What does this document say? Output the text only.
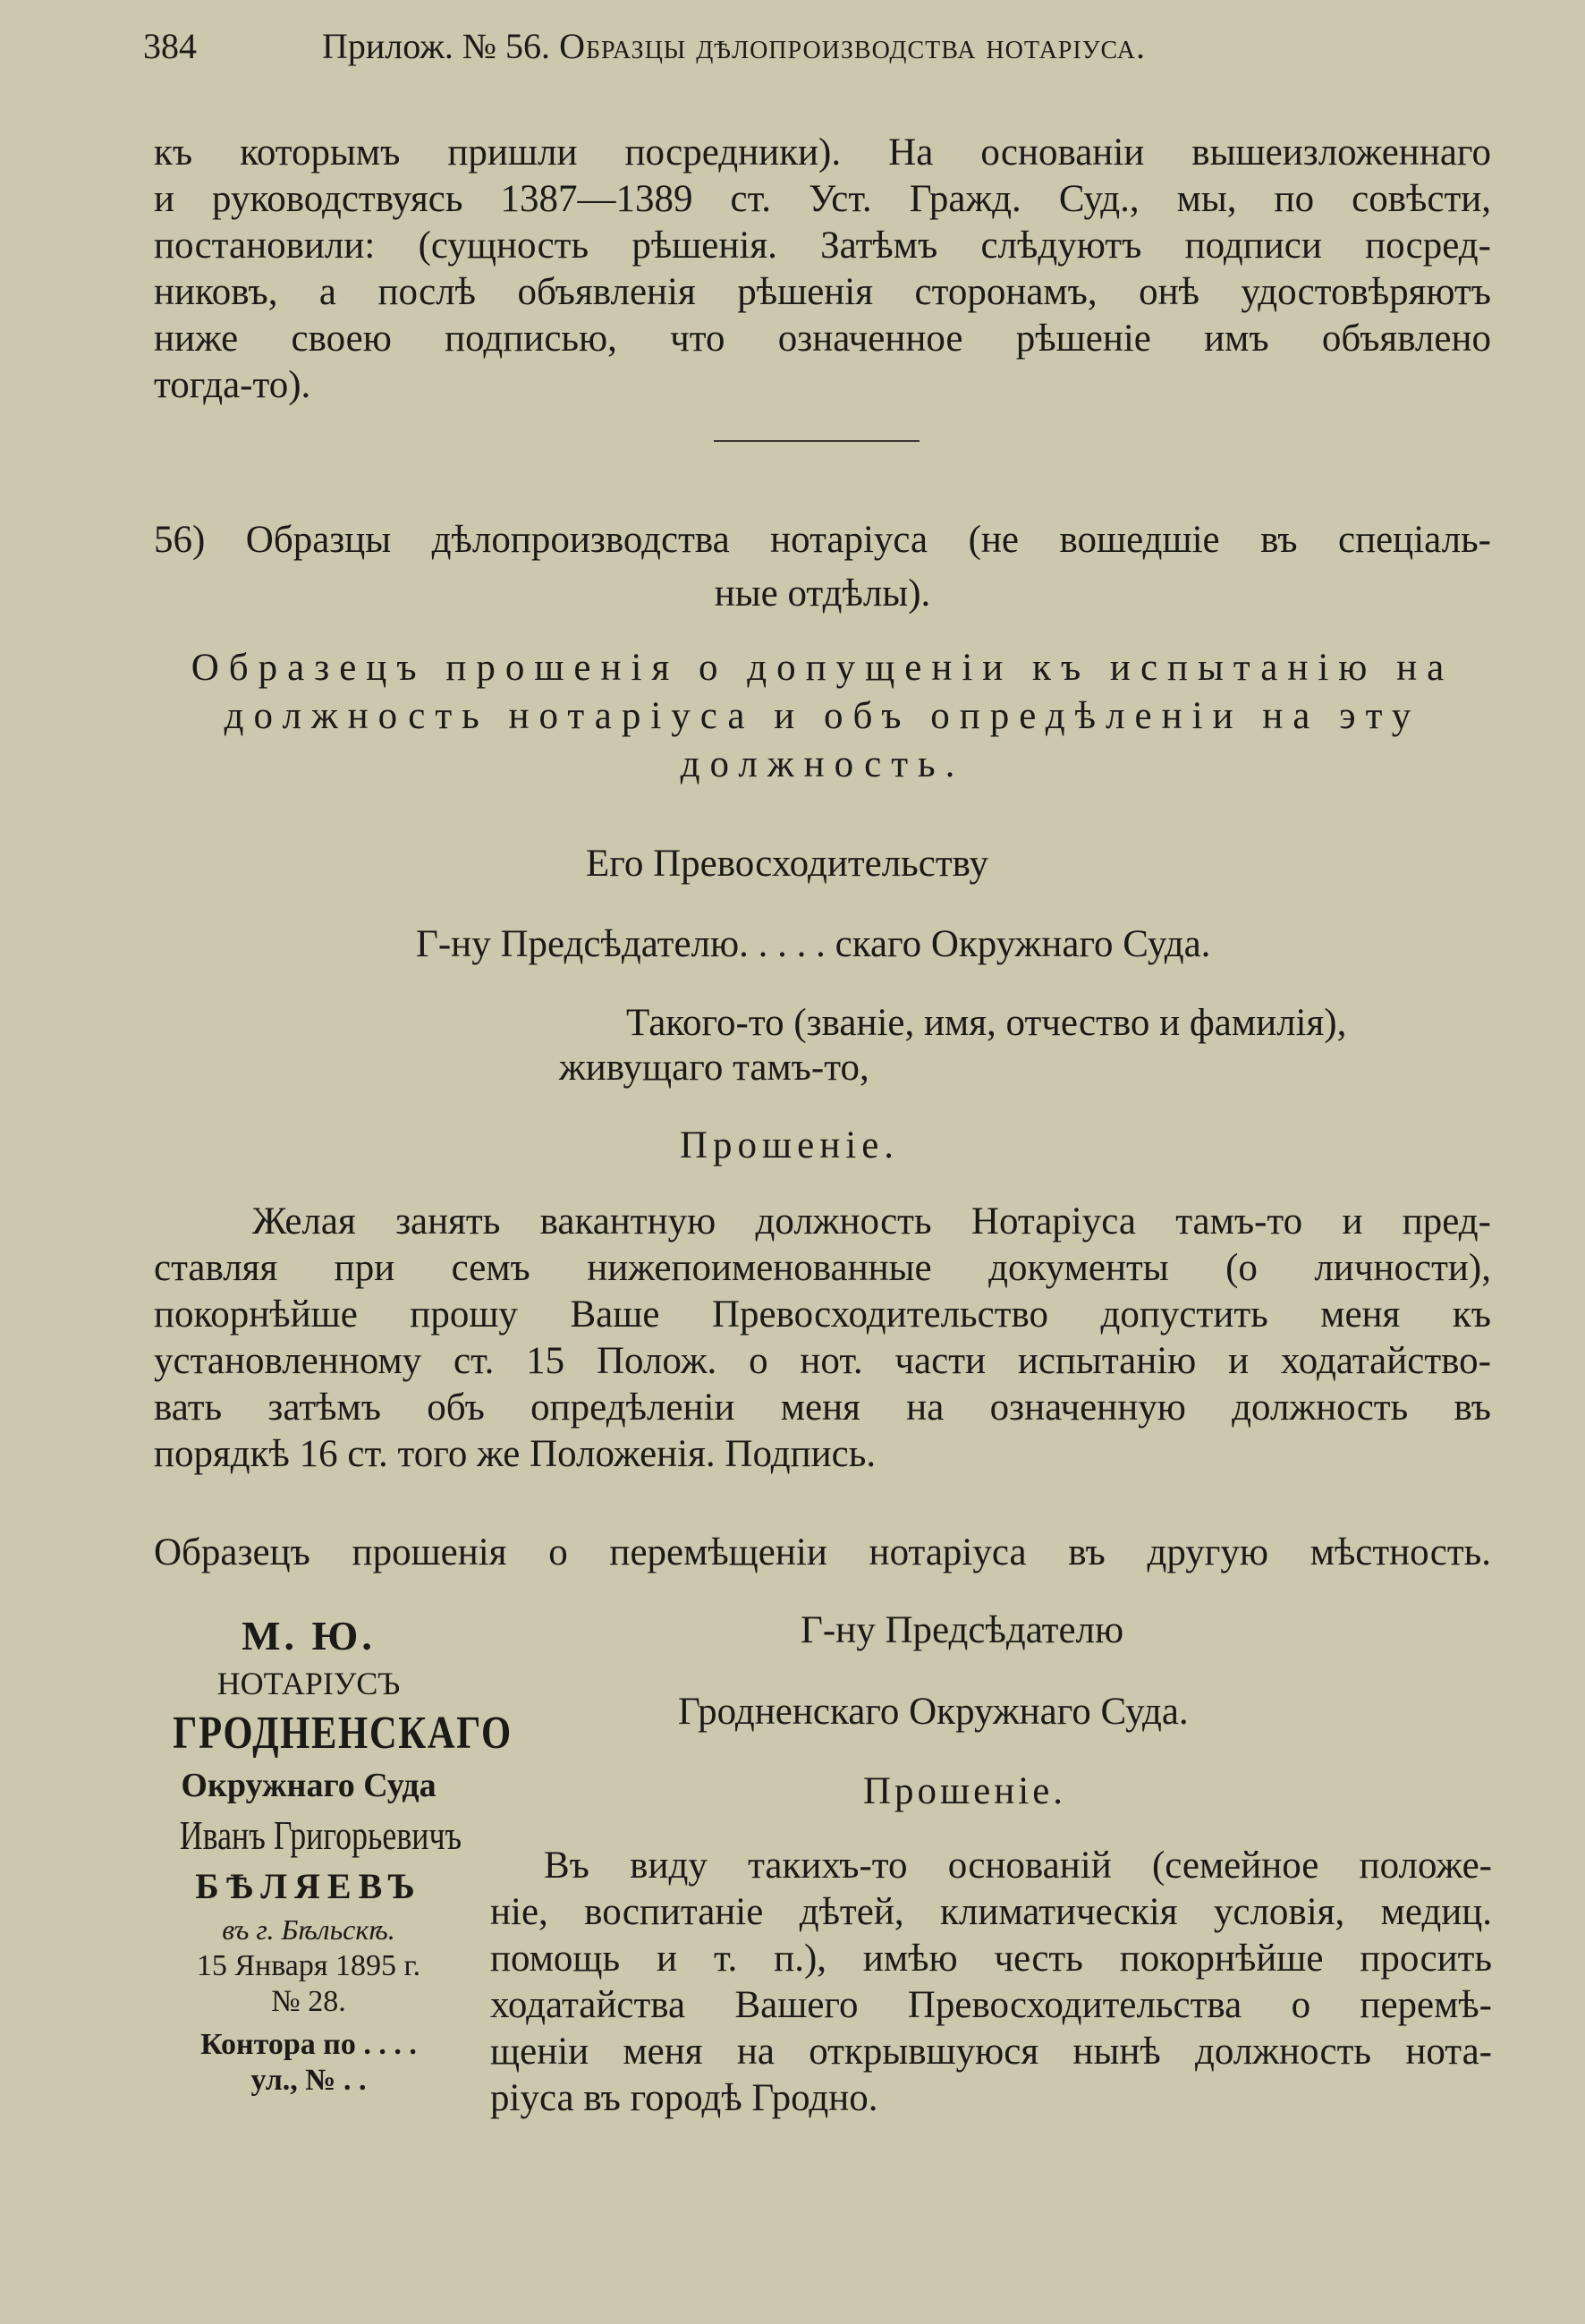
384	Прилож. № 56. Образцы дѣлопроизводства нотаріуса.
къ которымъ пришли посредники). На основаніи вышеизложеннаго
и руководствуясь 1387—1389 ст. Уст. Гражд. Суд., мы, по совѣсти,
постановили: (сущность рѣшенія. Затѣмъ слѣдуютъ подписи посред-
никовъ, а послѣ объявленія рѣшенія сторонамъ, онѣ удостовѣряютъ
ниже своею подписью, что означенное рѣшеніе имъ объявлено
тогда-то).
56) Образцы дѣлопроизводства нотаріуса (не вошедшіе въ спеціаль-
ные отдѣлы).
Образецъ прошенія о допущеніи къ испытанію на
должность нотаріуса и объ опредѣленіи на эту
должность.
Его Превосходительству
Г-ну Предсѣдателю. . . . . скаго Окружнаго Суда.
Такого-то (званіе, имя, отчество и фамилія),
живущаго тамъ-то,
Прошеніе.
Желая занять вакантную должность Нотаріуса тамъ-то и пред-
ставляя при семъ нижепоименованные документы (о личности),
покорнѣйше прошу Ваше Превосходительство допустить меня къ
установленному ст. 15 Полож. о нот. части испытанію и ходатайство-
вать затѣмъ объ опредѣленіи меня на означенную должность въ
порядкѣ 16 ст. того же Положенія. Подпись.
Образецъ прошенія о перемѣщеніи нотаріуса въ другую мѣстность.
М. Ю.
НОТАРІУСЪ
ГРОДНЕНСКАГО
Окружнаго Суда
Иванъ Григорьевичъ
БѢЛЯЕВЪ
въ г. Бѣльскѣ.
15 Января 1895 г.
№ 28.
Контора по . . . .
ул., № . .
Г-ну Предсѣдателю
Гродненскаго Окружнаго Суда.
Прошеніе.
Въ виду такихъ-то основаній (семейное положе-
ніе, воспитаніе дѣтей, климатическія условія, медиц.
помощь и т. п.), имѣю честь покорнѣйше просить
ходатайства Вашего Превосходительства о перемѣ-
щеніи меня на открывшуюся нынѣ должность нота-
ріуса въ городѣ Гродно.
